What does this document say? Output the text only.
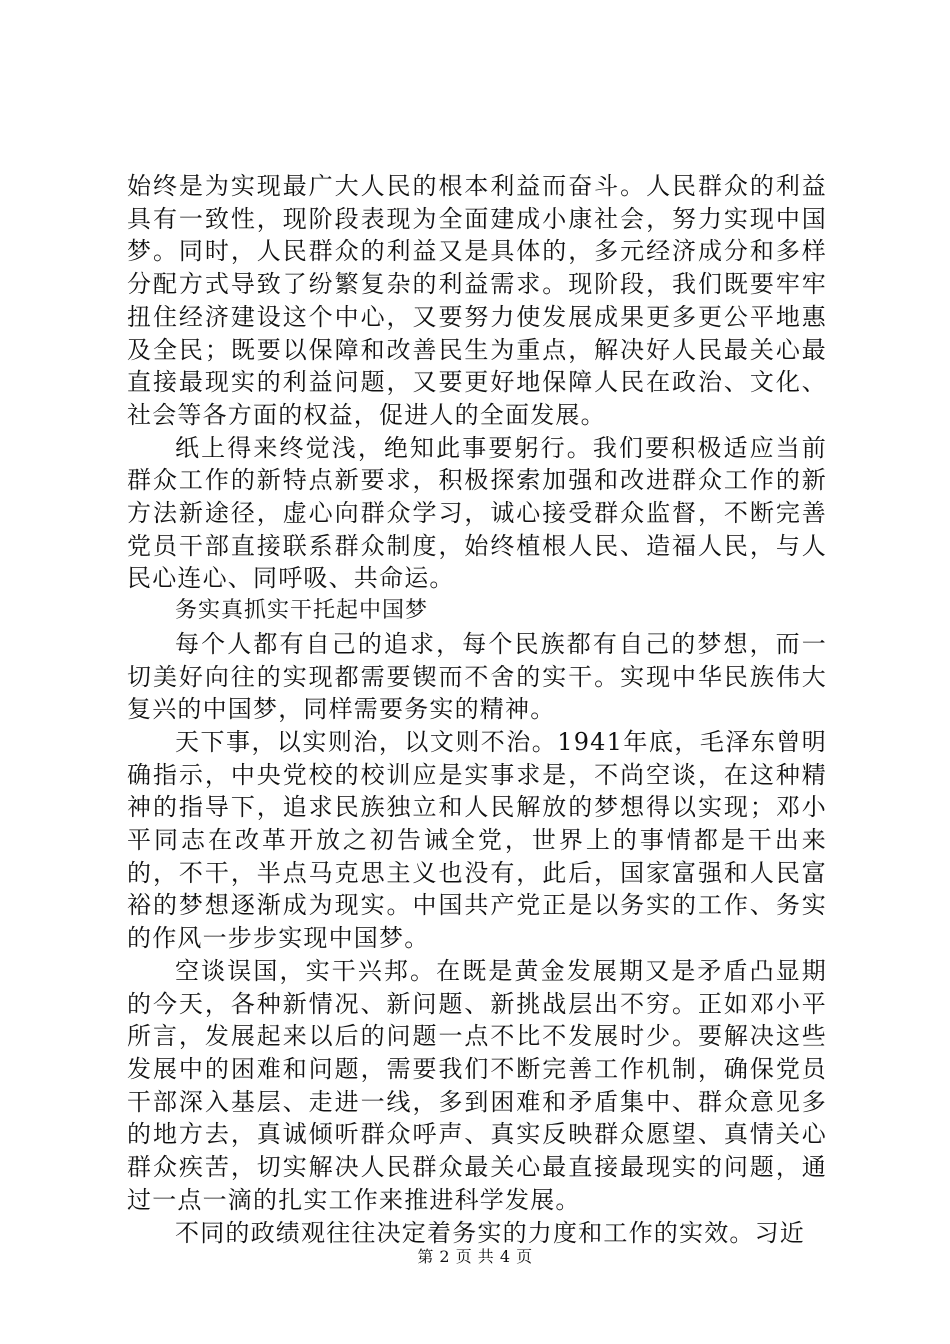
始终是为实现最广大人民的根本利益而奋斗。人民群众的利益具有一致性，现阶段表现为全面建成小康社会，努力实现中国梦。同时，人民群众的利益又是具体的，多元经济成分和多样分配方式导致了纷繁复杂的利益需求。现阶段，我们既要牢牢扭住经济建设这个中心，又要努力使发展成果更多更公平地惠及全民；既要以保障和改善民生为重点，解决好人民最关心最直接最现实的利益问题，又要更好地保障人民在政治、文化、社会等各方面的权益，促进人的全面发展。

纸上得来终觉浅，绝知此事要躬行。我们要积极适应当前群众工作的新特点新要求，积极探索加强和改进群众工作的新方法新途径，虚心向群众学习，诚心接受群众监督，不断完善党员干部直接联系群众制度，始终植根人民、造福人民，与人民心连心、同呼吸、共命运。

务实真抓实干托起中国梦

每个人都有自己的追求，每个民族都有自己的梦想，而一切美好向往的实现都需要锲而不舍的实干。实现中华民族伟大复兴的中国梦，同样需要务实的精神。

天下事，以实则治，以文则不治。1941年底，毛泽东曾明确指示，中央党校的校训应是实事求是，不尚空谈，在这种精神的指导下，追求民族独立和人民解放的梦想得以实现；邓小平同志在改革开放之初告诫全党，世界上的事情都是干出来的，不干，半点马克思主义也没有，此后，国家富强和人民富裕的梦想逐渐成为现实。中国共产党正是以务实的工作、务实的作风一步步实现中国梦。

空谈误国，实干兴邦。在既是黄金发展期又是矛盾凸显期的今天，各种新情况、新问题、新挑战层出不穷。正如邓小平所言，发展起来以后的问题一点不比不发展时少。要解决这些发展中的困难和问题，需要我们不断完善工作机制，确保党员干部深入基层、走进一线，多到困难和矛盾集中、群众意见多的地方去，真诚倾听群众呼声、真实反映群众愿望、真情关心群众疾苦，切实解决人民群众最关心最直接最现实的问题，通过一点一滴的扎实工作来推进科学发展。

不同的政绩观往往决定着务实的力度和工作的实效。习近

第 2 页 共 4 页
